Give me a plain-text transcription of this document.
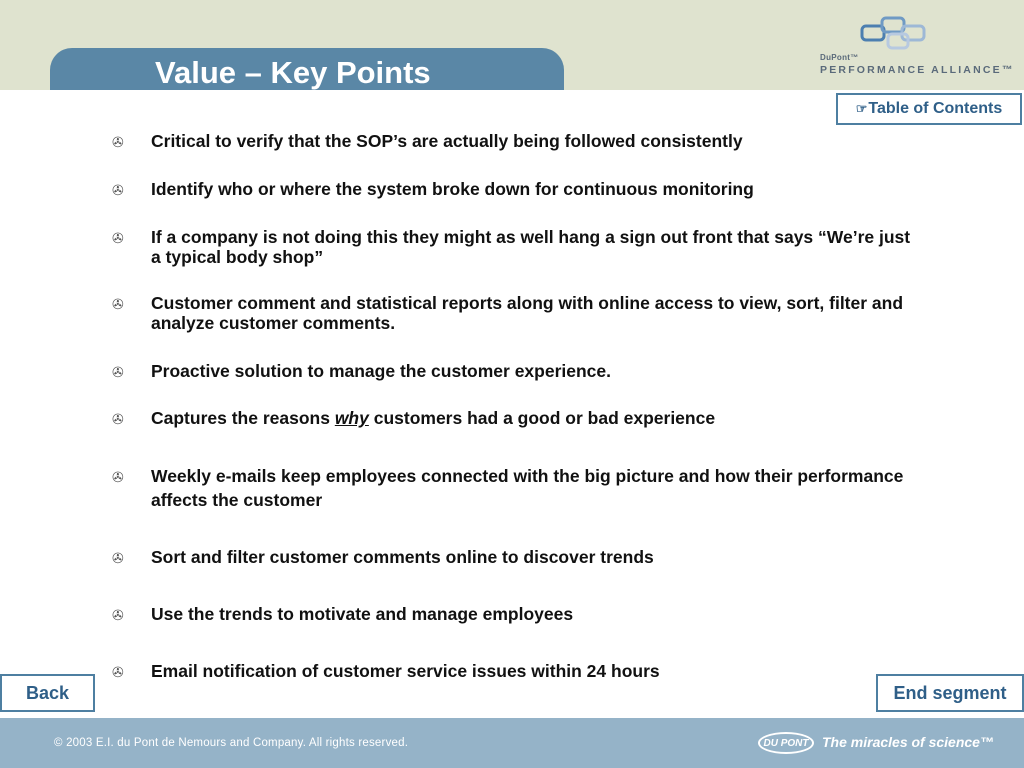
Value – Key Points	DuPont™
PERFORMANCE ALLIANCE™
☞ Table of Contents
✇ Critical to verify that the SOP’s are actually being followed consistently
✇ Identify who or where the system broke down for continuous monitoring
✇ If a company is not doing this they might as well hang a sign out front that says “We’re just a typical body shop”
✇ Customer comment and statistical reports along with online access to view, sort, filter and analyze customer comments.
✇ Proactive solution to manage the customer experience.
✇ Captures the reasons why customers had a good or bad experience
✇ Weekly e-mails keep employees connected with the big picture and how their performance affects the customer
✇ Sort and filter customer comments online to discover trends
✇ Use the trends to motivate and manage employees
✇ Email notification of customer service issues within 24 hours
Back	End segment
© 2003 E.I. du Pont de Nemours and Company. All rights reserved.	DU PONT The miracles of science™
